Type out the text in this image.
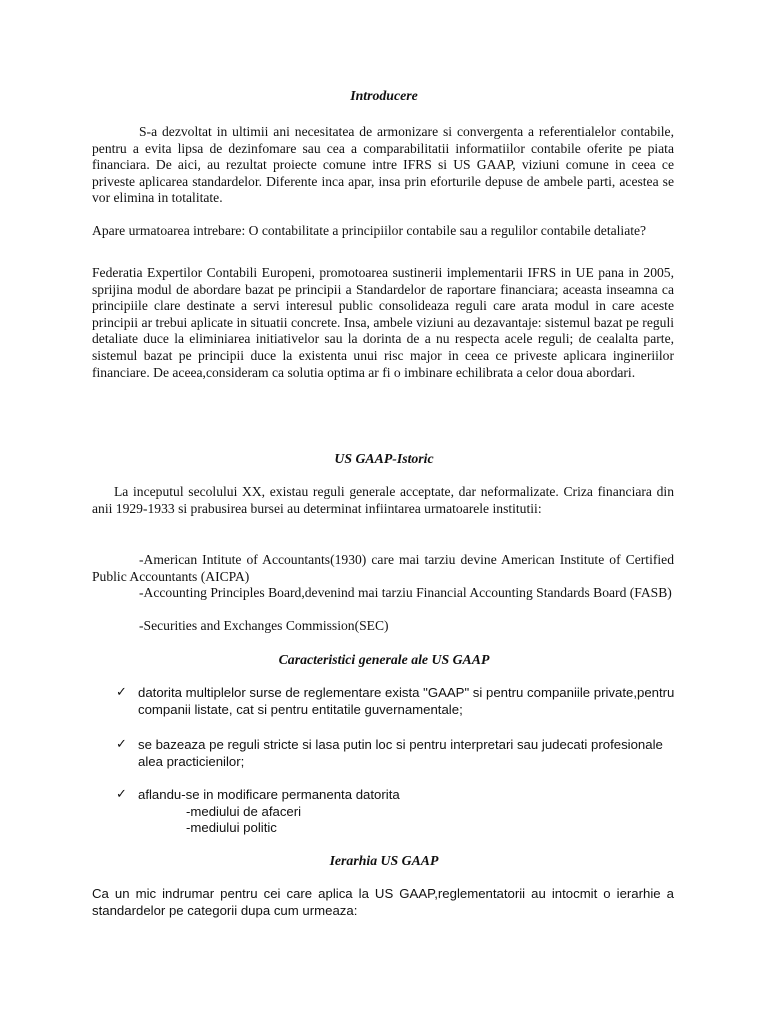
Introducere

S-a dezvoltat in ultimii ani necesitatea de armonizare si convergenta a referentialelor contabile, pentru a evita lipsa de dezinfomare sau cea a comparabilitatii informatiilor contabile oferite pe piata financiara. De aici, au rezultat proiecte comune intre IFRS si US GAAP, viziuni comune in ceea ce priveste aplicarea standardelor. Diferente inca apar, insa prin eforturile depuse de ambele parti, acestea se vor elimina in totalitate.

Apare urmatoarea intrebare: O contabilitate a principiilor contabile sau a regulilor contabile detaliate?

Federatia Expertilor Contabili Europeni, promotoarea sustinerii implementarii IFRS in UE pana in 2005, sprijina modul de abordare bazat pe principii a Standardelor de raportare financiara; aceasta inseamna ca principiile clare destinate a servi interesul public consolideaza reguli care arata modul in care aceste principii ar trebui aplicate in situatii concrete. Insa, ambele viziuni au dezavantaje: sistemul bazat pe reguli detaliate duce la eliminiarea initiativelor sau la dorinta de a nu respecta acele reguli; de cealalta parte, sistemul bazat pe principii duce la existenta unui risc major in ceea ce priveste aplicara ingineriilor financiare. De aceea,consideram ca solutia optima ar fi o imbinare echilibrata a celor doua abordari.

US GAAP-Istoric

La inceputul secolului XX, existau reguli generale acceptate, dar neformalizate. Criza financiara din anii 1929-1933 si prabusirea bursei au determinat infiintarea urmatoarele institutii:

-American Intitute of Accountants(1930) care mai tarziu devine American Institute of Certified Public Accountants (AICPA)

-Accounting Principles Board,devenind mai tarziu Financial Accounting Standards Board (FASB)

-Securities and Exchanges Commission(SEC)

Caracteristici generale ale US GAAP
✓ datorita multiplelor surse de reglementare exista "GAAP" si pentru companiile private,pentru companii listate, cat si pentru entitatile guvernamentale;
✓ se bazeaza pe reguli stricte si lasa putin loc si pentru interpretari sau judecati profesionale alea practicienilor;
✓ aflandu-se in modificare permanenta datorita
-mediului de afaceri
-mediului politic
Ierarhia US GAAP

Ca un mic indrumar pentru cei care aplica la US GAAP,reglementatorii au intocmit o ierarhie a standardelor pe categorii dupa cum urmeaza:
